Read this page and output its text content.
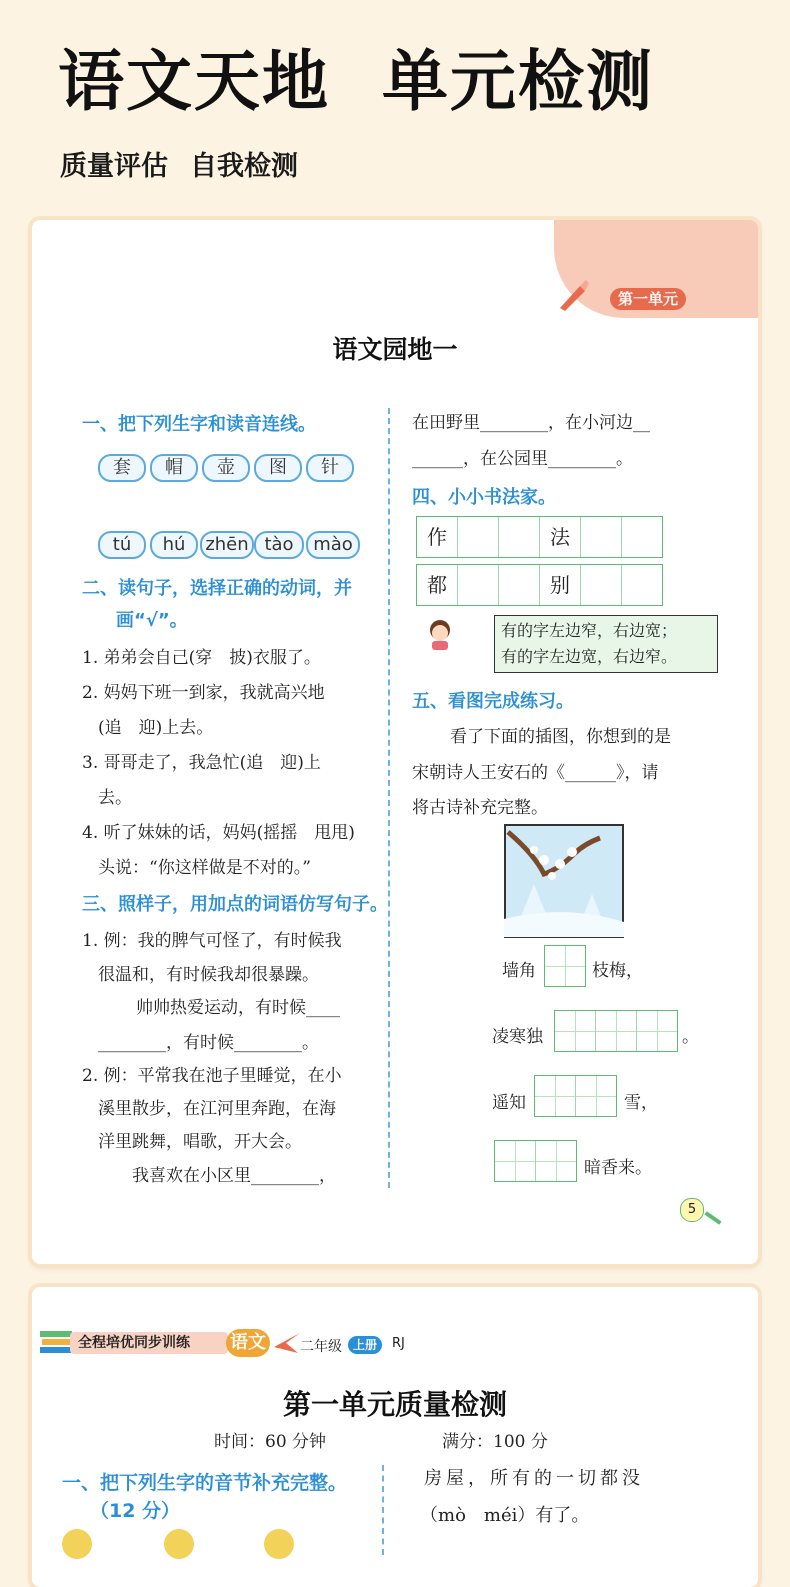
语文天地 单元检测
质量评估 自我检测
第一单元
语文园地一
一、把下列生字和读音连线。
套	帽	壶	图	针
tú	hú	zhēn tào	mào
二、读句子，选择正确的动词，并
画“√”。
1. 弟弟会自己(穿　披)衣服了。
2. 妈妈下班一到家，我就高兴地
(追　迎)上去。
3. 哥哥走了，我急忙(追　迎)上
去。
4. 听了妹妹的话，妈妈(摇摇　甩甩)
头说：“你这样做是不对的。”
三、照样子，用加点的词语仿写句子。
1. 例：我的脾气可怪了，有时候我
很温和，有时候我却很暴躁。
帅帅热爱运动，有时候____
________，有时候________。
2. 例：平常我在池子里睡觉，在小
溪里散步，在江河里奔跑，在海
洋里跳舞，唱歌，开大会。
我喜欢在小区里________，
在田野里________，在小河边__
______，在公园里________。
四、小小书法家。
作	法
都	别
有的字左边窄，右边宽；
有的字左边宽，右边窄。
五、看图完成练习。
看了下面的插图，你想到的是
宋朝诗人王安石的《______》，请
将古诗补充完整。
墙角	枝梅，
凌寒独	。
遥知	雪，
暗香来。
5
全程培优同步训练	语文 二年级 上册	RJ
第一单元质量检测
时间：60 分钟	满分：100 分
一、把下列生字的音节补充完整。
（12 分）
房屋，所有的一切都没
（mò　méi）有了。
